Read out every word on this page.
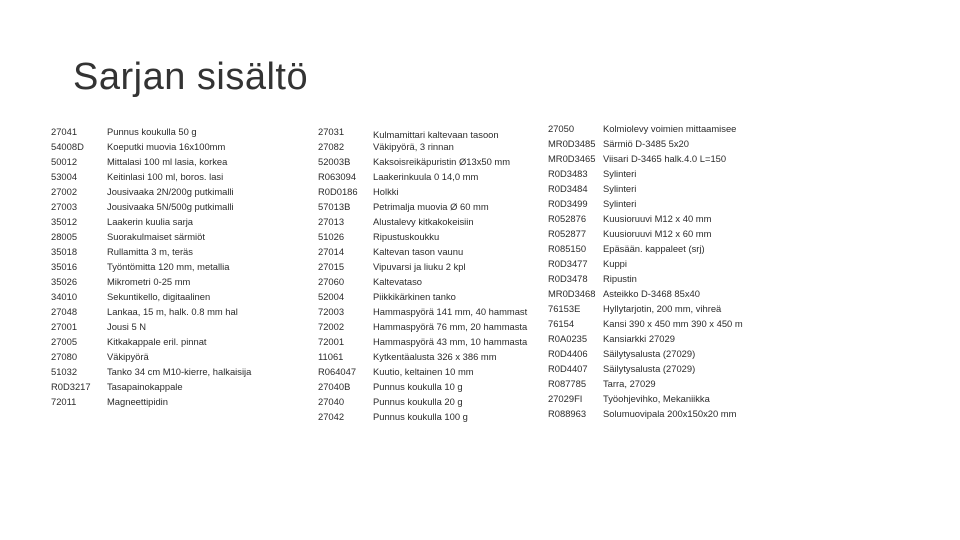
Sarjan sisältö
27041	Punnus koukulla 50 g
54008D	Koeputki muovia 16x100mm
50012	Mittalasi 100 ml lasia, korkea
53004	Keitinlasi 100 ml, boros. lasi
27002	Jousivaaka 2N/200g putkimalli
27003	Jousivaaka 5N/500g putkimalli
35012	Laakerin kuulia sarja
28005	Suorakulmaiset särmiöt
35018	Rullamitta 3 m, teräs
35016	Työntömitta 120 mm, metallia
35026	Mikrometri 0-25 mm
34010	Sekuntikello, digitaalinen
27048	Lankaa, 15 m, halk. 0.8 mm hal
27001	Jousi 5 N
27005	Kitkakappale eril. pinnat
27080	Väkipyörä
51032	Tanko 34 cm M10-kierre, halkaisija
R0D3217	Tasapainokappale
72011	Magneettipidin
27031	Kulmamittari kaltevaan tasoon
27082	Väkipyörä, 3 rinnan
52003B	Kaksoisreikäpuristin Ø13x50 mm
R063094	Laakerinkuula 0 14,0 mm
R0D0186	Holkki
57013B	Petrimalja muovia Ø 60 mm
27013	Alustalevy kitkakokeisiin
51026	Ripustuskoukku
27014	Kaltevan tason vaunu
27015	Vipuvarsi ja liuku 2 kpl
27060	Kaltevataso
52004	Piikkikärkinen tanko
72003	Hammaspyörä 141 mm, 40 hammast
72002	Hammaspyörä 76 mm, 20 hammasta
72001	Hammaspyörä 43 mm, 10 hammasta
11061	Kytkentäalusta 326 x 386 mm
R064047	Kuutio, keltainen 10 mm
27040B	Punnus koukulla 10 g
27040	Punnus koukulla 20 g
27042	Punnus koukulla 100 g
27050	Kolmiolevy voimien mittaamisee
MR0D3485 Särmiö D-3485 5x20
MR0D3465 Viisari D-3465 halk.4.0 L=150
R0D3483	Sylinteri
R0D3484	Sylinteri
R0D3499	Sylinteri
R052876	Kuusioruuvi M12 x 40 mm
R052877	Kuusioruuvi M12 x 60 mm
R085150	Epäsään. kappaleet (srj)
R0D3477	Kuppi
R0D3478	Ripustin
MR0D3468 Asteikko D-3468 85x40
76153E	Hyllytarjotin, 200 mm, vihreä
76154	Kansi 390 x 450 mm 390 x 450 m
R0A0235	Kansiarkki 27029
R0D4406	Säilytysalusta (27029)
R0D4407	Säilytysalusta (27029)
R087785	Tarra, 27029
27029FI	Työohjevihko, Mekaniikka
R088963	Solumuovipala 200x150x20 mm
